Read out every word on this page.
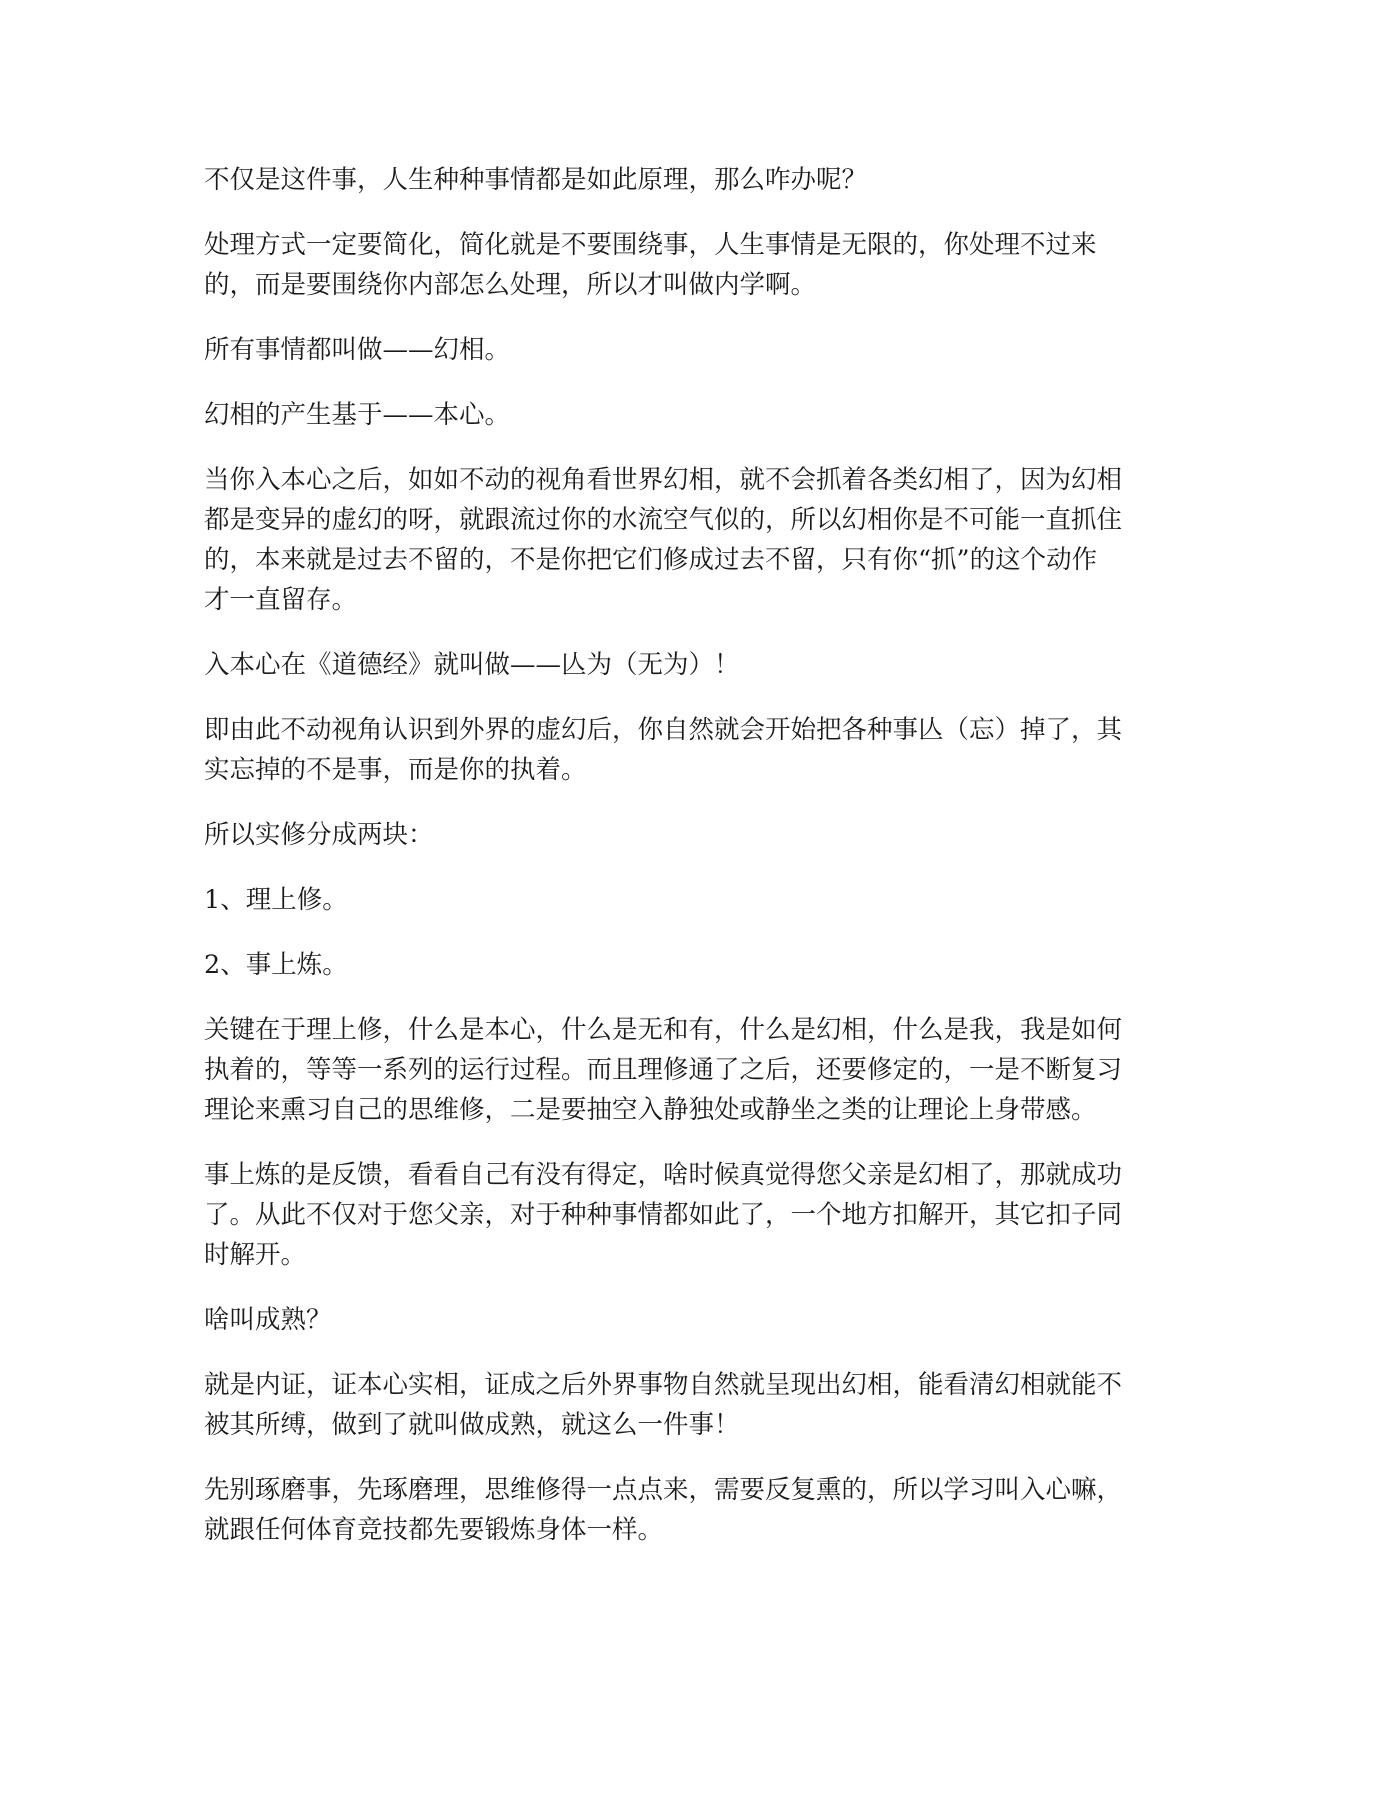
不仅是这件事，人生种种事情都是如此原理，那么咋办呢？
处理方式一定要简化，简化就是不要围绕事，人生事情是无限的，你处理不过来
的，而是要围绕你内部怎么处理，所以才叫做内学啊。
所有事情都叫做——幻相。
幻相的产生基于——本心。
当你入本心之后，如如不动的视角看世界幻相，就不会抓着各类幻相了，因为幻相
都是变异的虚幻的呀，就跟流过你的水流空气似的，所以幻相你是不可能一直抓住
的，本来就是过去不留的，不是你把它们修成过去不留，只有你“抓”的这个动作
才一直留存。
入本心在《道德经》就叫做——亾为（无为）！
即由此不动视角认识到外界的虚幻后，你自然就会开始把各种事亾（忘）掉了，其
实忘掉的不是事，而是你的执着。
所以实修分成两块：
1、理上修。
2、事上炼。
关键在于理上修，什么是本心，什么是无和有，什么是幻相，什么是我，我是如何
执着的，等等一系列的运行过程。而且理修通了之后，还要修定的，一是不断复习
理论来熏习自己的思维修，二是要抽空入静独处或静坐之类的让理论上身带感。
事上炼的是反馈，看看自己有没有得定，啥时候真觉得您父亲是幻相了，那就成功
了。从此不仅对于您父亲，对于种种事情都如此了，一个地方扣解开，其它扣子同
时解开。
啥叫成熟？
就是内证，证本心实相，证成之后外界事物自然就呈现出幻相，能看清幻相就能不
被其所缚，做到了就叫做成熟，就这么一件事！
先别琢磨事，先琢磨理，思维修得一点点来，需要反复熏的，所以学习叫入心嘛，
就跟任何体育竞技都先要锻炼身体一样。
